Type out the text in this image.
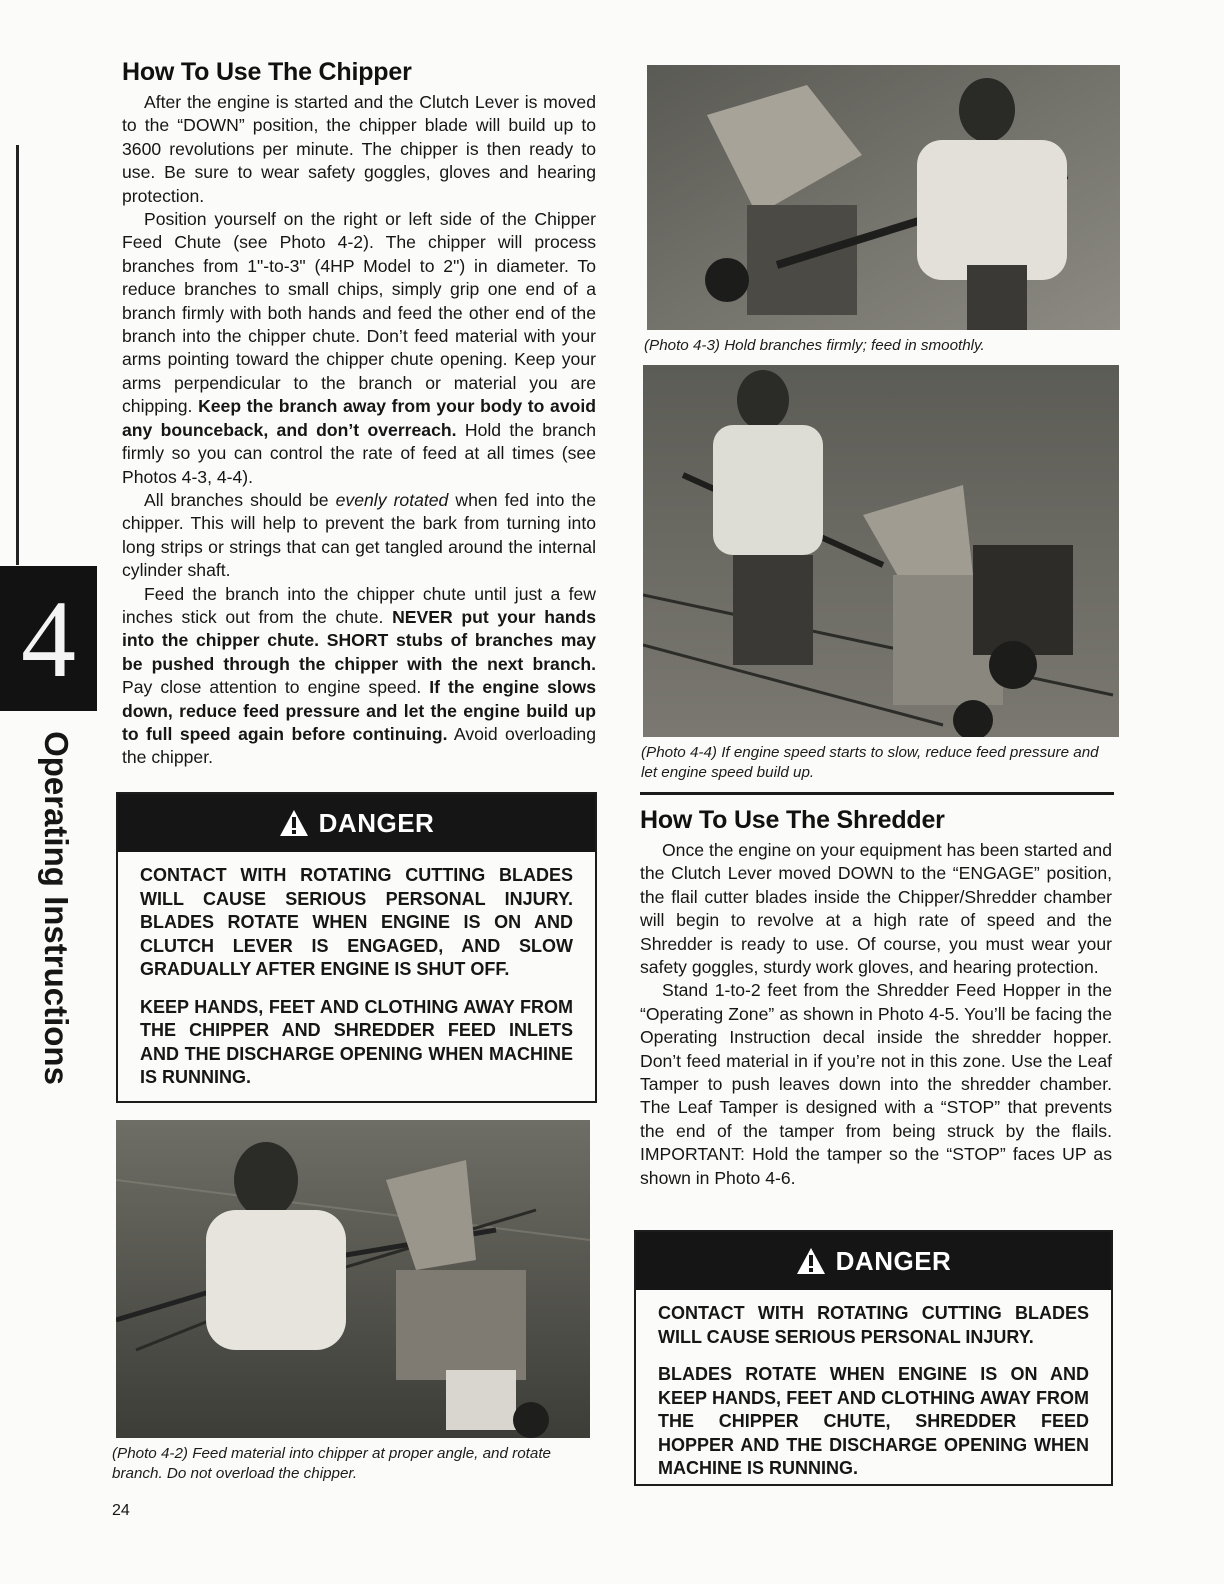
4
Operating Instructions
How To Use The Chipper

After the engine is started and the Clutch Lever is moved to the “DOWN” position, the chipper blade will build up to 3600 revolutions per minute. The chipper is then ready to use. Be sure to wear safety goggles, gloves and hearing protection.

Position yourself on the right or left side of the Chipper Feed Chute (see Photo 4-2). The chipper will process branches from 1"-to-3" (4HP Model to 2") in diameter. To reduce branches to small chips, simply grip one end of a branch firmly with both hands and feed the other end of the branch into the chipper chute. Don’t feed material with your arms pointing toward the chipper chute opening. Keep your arms perpendicular to the branch or material you are chipping. Keep the branch away from your body to avoid any bounceback, and don’t overreach. Hold the branch firmly so you can control the rate of feed at all times (see Photos 4-3, 4-4).

All branches should be evenly rotated when fed into the chipper. This will help to prevent the bark from turning into long strips or strings that can get tangled around the internal cylinder shaft.

Feed the branch into the chipper chute until just a few inches stick out from the chute. NEVER put your hands into the chipper chute. SHORT stubs of branches may be pushed through the chipper with the next branch. Pay close attention to engine speed. If the engine slows down, reduce feed pressure and let the engine build up to full speed again before continuing. Avoid overloading the chipper.

DANGER

CONTACT WITH ROTATING CUTTING BLADES WILL CAUSE SERIOUS PERSONAL INJURY. BLADES ROTATE WHEN ENGINE IS ON AND CLUTCH LEVER IS ENGAGED, AND SLOW GRADUALLY AFTER ENGINE IS SHUT OFF.

KEEP HANDS, FEET AND CLOTHING AWAY FROM THE CHIPPER AND SHREDDER FEED INLETS AND THE DISCHARGE OPENING WHEN MACHINE IS RUNNING.

(Photo 4-2) Feed material into chipper at proper angle, and rotate branch. Do not overload the chipper.
24
(Photo 4-3) Hold branches firmly; feed in smoothly.
(Photo 4-4) If engine speed starts to slow, reduce feed pressure and let engine speed build up.
How To Use The Shredder

Once the engine on your equipment has been started and the Clutch Lever moved DOWN to the “ENGAGE” position, the flail cutter blades inside the Chipper/Shredder chamber will begin to revolve at a high rate of speed and the Shredder is ready to use. Of course, you must wear your safety goggles, sturdy work gloves, and hearing protection.

Stand 1-to-2 feet from the Shredder Feed Hopper in the “Operating Zone” as shown in Photo 4-5. You’ll be facing the Operating Instruction decal inside the shredder hopper. Don’t feed material in if you’re not in this zone. Use the Leaf Tamper to push leaves down into the shredder chamber. The Leaf Tamper is designed with a “STOP” that prevents the end of the tamper from being struck by the flails. IMPORTANT: Hold the tamper so the “STOP” faces UP as shown in Photo 4-6.

DANGER

CONTACT WITH ROTATING CUTTING BLADES WILL CAUSE SERIOUS PERSONAL INJURY.

BLADES ROTATE WHEN ENGINE IS ON AND KEEP HANDS, FEET AND CLOTHING AWAY FROM THE CHIPPER CHUTE, SHREDDER FEED HOPPER AND THE DISCHARGE OPENING WHEN MACHINE IS RUNNING.
